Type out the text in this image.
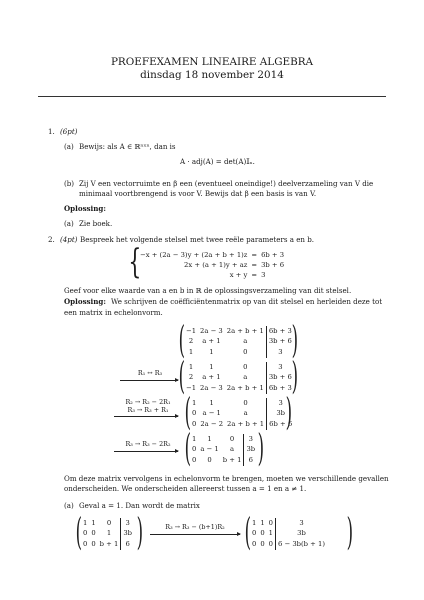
PROEFEXAMEN LINEAIRE ALGEBRA
dinsdag 18 november 2014
1. (6pt)
(a) Bewijs: als A ∈ ℝⁿˣⁿ, dan is
A · adj(A) = det(A)𝕀ₙ.
(b) Zij V een vectorruimte en β een (eventueel oneindige!) deelverzameling van V die
minimaal voortbrengend is voor V. Bewijs dat β een basis is van V.
Oplossing:
(a) Zie boek.
2. (4pt) Bespreek het volgende stelsel met twee reële parameters a en b.
{
−x + (2a − 3)y + (2a + b + 1)z	=	6b + 3
2x + (a + 1)y + az	=	3b + 6
x + y	=	3
Geef voor elke waarde van a en b in ℝ de oplossingsverzameling van dit stelsel.
Oplossing: We schrijven de coëfficiëntenmatrix op van dit stelsel en herleiden deze tot
een matrix in echelonvorm.
( −1	2a − 3	2a + b + 1	6b + 3
2	a + 1	a	3b + 6
1	1	0	3 )
R₁ ↔ R₃ ( 1	1	0	3
2	a + 1	a	3b + 6
−1	2a − 3	2a + b + 1	6b + 3 )
R₂ → R₂ − 2R₁
R₃ → R₃ + R₁ ( 1	1	0	3
0	a − 1	a	3b
0	2a − 2	2a + b + 1	6b + 6
)
R₃ → R₃ − 2R₂ ( 1	1	0	3
0	a − 1	a	3b
0	0	b + 1	6 )
Om deze matrix vervolgens in echelonvorm te brengen, moeten we verschillende gevallen
onderscheiden. We onderscheiden allereerst tussen a = 1 en a ≠ 1.
(a) Geval a = 1. Dan wordt de matrix
( 1	1	0	3
0	0	1	3b
0	0	b + 1	6 )	R₃ → R₃ − (b+1)R₂ ( 1	1	0	3
0	0	1	3b
0	0	0	6 − 3b(b + 1) )
